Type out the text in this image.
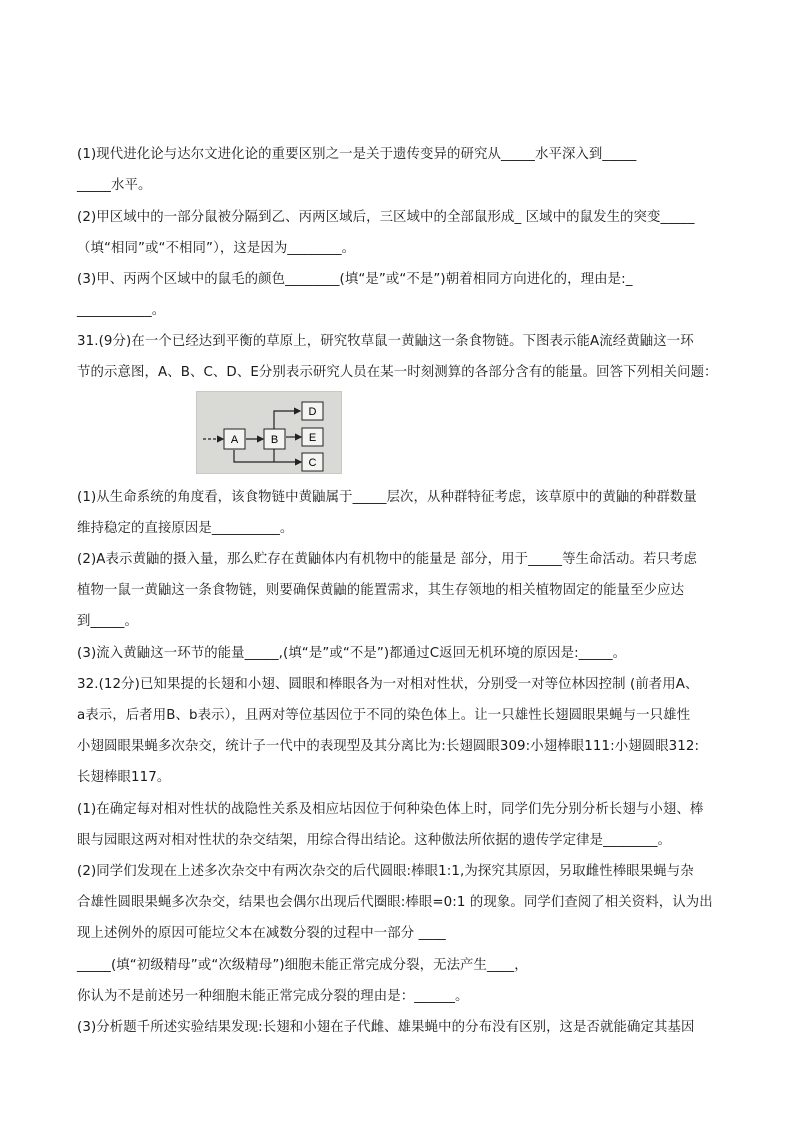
(1)现代进化论与达尔文进化论的重要区别之一是关于遗传变异的研究从_____水平深入到_____
_____水平。
(2)甲区域中的一部分鼠被分隔到乙、丙两区域后，三区域中的全部鼠形成_ 区域中的鼠发生的突变_____
（填“相同”或“不相同”），这是因为________。
(3)甲、丙两个区域中的鼠毛的颜色________(填“是”或“不是”)朝着相同方向进化的，理由是:_
___________。
31.(9分)在一个已经达到平衡的草原上，研究牧草鼠一黄鼬这一条食物链。下图表示能A流经黄鼬这一环
节的示意图，A、B、C、D、E分别表示研究人员在某一时刻测算的各部分含有的能量。回答下列相关问题：
A	B
C
D
E
(1)从生命系统的角度看，该食物链中黄鼬属于_____层次，从种群特征考虑，该草原中的黄鼬的种群数量
维持稳定的直接原因是__________。
(2)A表示黄鼬的摄入量，那么贮存在黄鼬体内有机物中的能量是 部分，用于_____等生命活动。若只考虑
植物一鼠一黄鼬这一条食物链，则要确保黄鼬的能置需求，其生存领地的相关植物固定的能量至少应达
到_____。
(3)流入黄鼬这一环节的能量_____,(填“是”或“不是”)都通过C返回无机环境的原因是:_____。
32.(12分)已知果提的长翅和小翅、圆眼和棒眼各为一对相对性状，分别受一对等位林因控制 (前者用A、
a表示，后者用B、b表示），且两对等位基因位于不同的染色体上。让一只雄性长翅圆眼果蝇与一只雄性
小翅圆眼果蝇多次杂交，统计子一代中的表现型及其分离比为:长翅圆眼309:小翅棒眼111:小翅圆眼312:
长翅棒眼117。
(1)在确定每对相对性状的战隐性关系及相应坫因位于何种染色体上时，同学们先分别分析长翅与小翅、棒
眼与园眼这两对相对性状的杂交结架，用综合得出结论。这种傲法所依据的遗传学定律是________。
(2)同学们发现在上述多次杂交中有两次杂交的后代圆眼:棒眼1:1,为探究其原因，另取雌性棒眼果蝇与杂
合雄性圆眼果蝇多次杂交，结果也会偶尔出现后代圈眼:棒眼=0:1 的现象。同学们查阅了相关资料，认为出
现上述例外的原因可能垃父本在减数分裂的过程中一部分 ____
_____(填“初级精母”或“次级精母”)细胞未能正常完成分裂，无法产生____，
你认为不是前述另一种细胞未能正常完成分裂的理由是：______。
(3)分析题千所述实验结果发现:长翅和小翅在子代雌、雄果蝇中的分布没有区别，这是否就能确定其基因
